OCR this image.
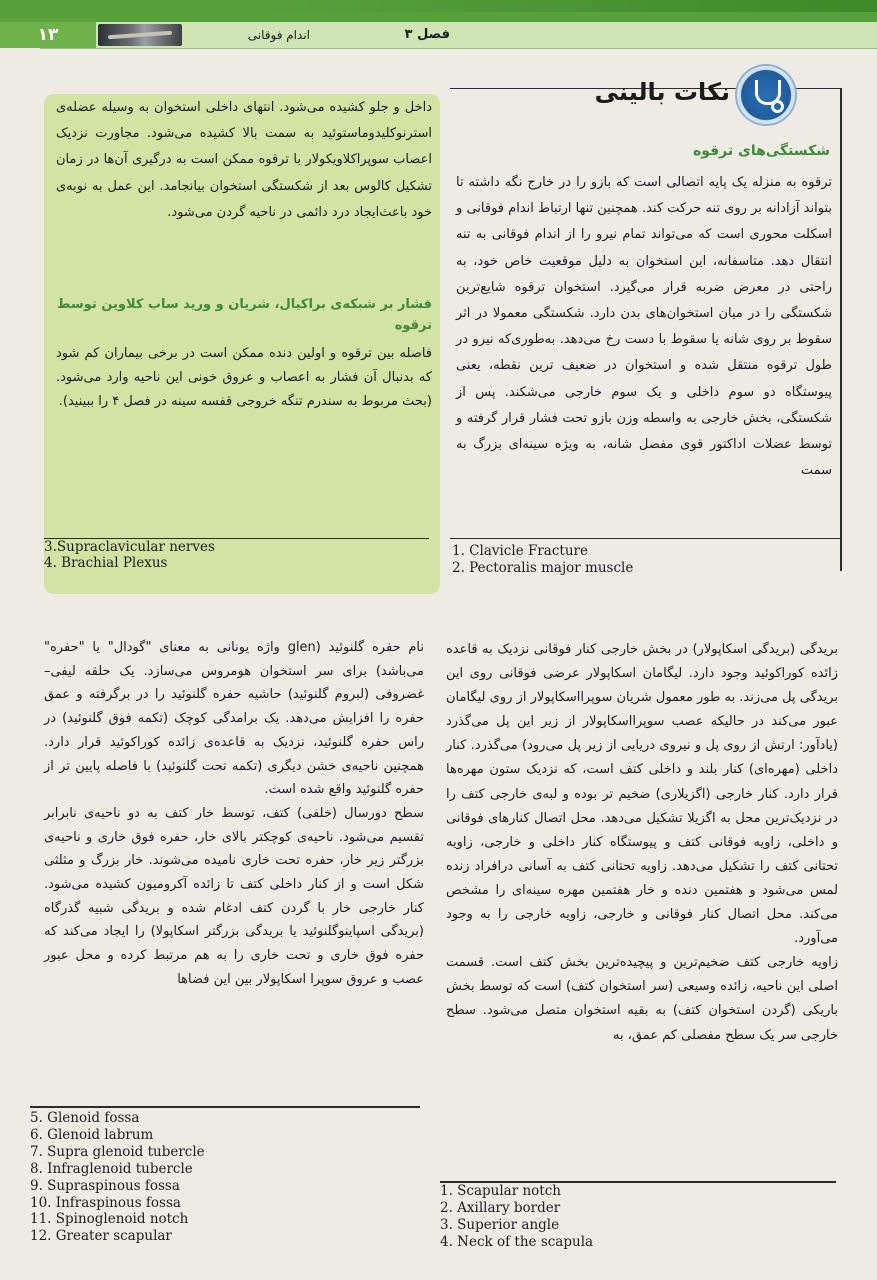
۱۳	اندام فوقانی	فصل ۳
داخل و جلو کشیده می‌شود. انتهای داخلی استخوان به وسیله عضله‌ی استرنوکلیدوماستوئید به سمت بالا کشیده می‌شود. مجاورت نزدیک اعصاب سوپراکلاویکولار با ترقوه ممکن است به درگیری آن‌ها در زمان تشکیل کالوس بعد از شکستگی استخوان بیانجامد. این عمل به نوبه‌ی خود باعث‌ایجاد درد دائمی در ناحیه گردن می‌شود.
فشار بر شبکه‌ی براکیال، شریان و ورید ساب کلاوین توسط ترقوه
فاصله بین ترقوه و اولین دنده ممکن است در برخی بیماران کم شود که بدنبال آن فشار به اعصاب و عروق خونی این ناحیه وارد می‌شود. (بحث مربوط به سندرم تنگه خروجی قفسه سینه در فصل ۴ را ببینید).
3.Supraclavicular nerves
4. Brachial Plexus
نکات بالینی
شکستگی‌های ترقوه
ترقوه به منزله یک پایه اتصالی است که بازو را در خارج نگه داشته تا بتواند آزادانه بر روی تنه حرکت کند. همچنین تنها ارتباط اندام فوقانی و اسکلت محوری است که می‌تواند تمام نیرو را از اندام فوقانی به تنه انتقال دهد. متاسفانه، این استخوان به دلیل موقعیت خاص خود، به راحتی در معرض ضربه قرار می‌گیرد. استخوان ترقوه شایع‌ترین شکستگی را در میان استخوان‌های بدن دارد. شکستگی معمولا در اثر سقوط بر روی شانه یا سقوط با دست رخ می‌دهد. به‌طوری‌که نیرو در طول ترقوه منتقل شده و استخوان در ضعیف ترین نقطه، یعنی پیوستگاه دو سوم داخلی و یک سوم خارجی می‌شکند. پس از شکستگی، بخش خارجی به واسطه وزن بازو تحت فشار قرار گرفته و توسط عضلات اداکتور قوی مفصل شانه، به ویژه سینه‌ای بزرگ به سمت
1. Clavicle Fracture
2. Pectoralis major muscle
بریدگی (بریدگی اسکاپولار) در بخش خارجی کنار فوقانی نزدیک به قاعده زائده کوراکوئید وجود دارد. لیگامان اسکاپولار عرضی فوقانی روی این بریدگی پل می‌زند. به طور معمول شریان سوپرااسکاپولار از روی لیگامان عبور می‌کند در حالیکه عصب سوپرااسکاپولار از زیر این پل می‌گذرد (یادآور: ارتش از روی پل و نیروی دریایی از زیر پل می‌رود) می‌گذرد. کنار داخلی (مهره‌ای) کنار بلند و داخلی کتف است، که نزدیک ستون مهره‌ها قرار دارد. کنار خارجی (اگزیلاری) ضخیم تر بوده و لبه‌ی خارجی کتف را در نزدیک‌ترین محل به اگزیلا تشکیل می‌دهد. محل اتصال کنارهای فوقانی و داخلی، زاویه فوقانی کتف و پیوستگاه کنار داخلی و خارجی، زاویه تحتانی کتف را تشکیل می‌دهد. زاویه تحتانی کتف به آسانی درافراد زنده لمس می‌شود و هفتمین دنده و خار هفتمین مهره سینه‌ای را مشخص می‌کند. محل اتصال کنار فوقانی و خارجی، زاویه خارجی را به وجود می‌آورد.
زاویه خارجی کتف ضخیم‌ترین و پیچیده‌ترین بخش کتف است. قسمت اصلی این ناحیه، زائده وسیعی (سر استخوان کتف) است که توسط بخش باریکی (گردن استخوان کتف) به بقیه استخوان متصل می‌شود. سطح خارجی سر یک سطح مفصلی کم عمق، به
1. Scapular notch
2. Axillary border
3. Superior angle
4. Neck of the scapula
نام حفره گلنوئید (glen واژه یونانی به معنای "گودال" یا "حفره" می‌باشد) برای سر استخوان هومروس می‌سازد. یک حلقه لیفی–غضروفی (لبروم گلنوئید) حاشیه حفره گلنوئید را در برگرفته و عمق حفره را افزایش می‌دهد. یک برامدگی کوچک (تکمه فوق گلنوئید) در راس حفره گلنوئید، نزدیک به قاعده‌ی زائده کوراکوئید قرار دارد. همچنین ناحیه‌ی خشن دیگری (تکمه تحت گلنوئید) با فاصله پایین تر از حفره گلنوئید واقع شده است.
سطح دورسال (خلفی) کتف، توسط خار کتف به دو ناحیه‌ی نابرابر تقسیم می‌شود. ناحیه‌ی کوچکتر بالای خار، حفره فوق خاری و ناحیه‌ی بزرگتر زیر خار، حفره تحت خاری نامیده می‌شوند. خار بزرگ و مثلثی شکل است و از کنار داخلی کتف تا زائده آکرومیون کشیده می‌شود. کنار خارجی خار با گردن کتف ادغام شده و بریدگی شبیه گذرگاه (بریدگی اسپاینوگلنوئید یا بریدگی بزرگتر اسکاپولا) را ایجاد می‌کند که حفره فوق خاری و تحت خاری را به هم مرتبط کرده و محل عبور عصب و عروق سوپرا اسکاپولار بین این فضاها
5. Glenoid fossa
6. Glenoid labrum
7. Supra glenoid tubercle
8. Infraglenoid tubercle
9. Supraspinous fossa
10. Infraspinous fossa
11. Spinoglenoid notch
12. Greater scapular
